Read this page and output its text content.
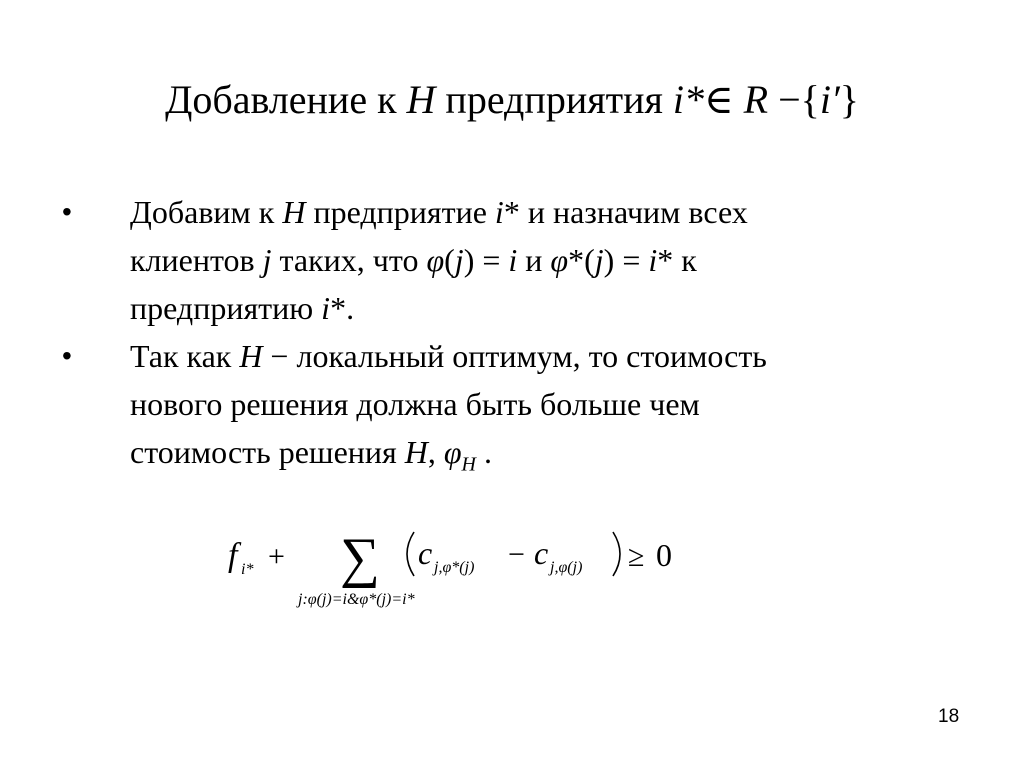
Добавление к H предприятия i*∈ R −{i′}
• Добавим к H предприятие i* и назначим всех
клиентов j таких, что φ(j) = i и φ*(j) = i* к
предприятию i*.
• Так как H − локальный оптимум, то стоимость
нового решения должна быть больше чем
стоимость решения H, $\varphi_H$ .
f i* + ∑
j:φ(j)=i&φ*(j)=i*
c j,φ*(j) − c j,φ(j) ≥ 0
18
